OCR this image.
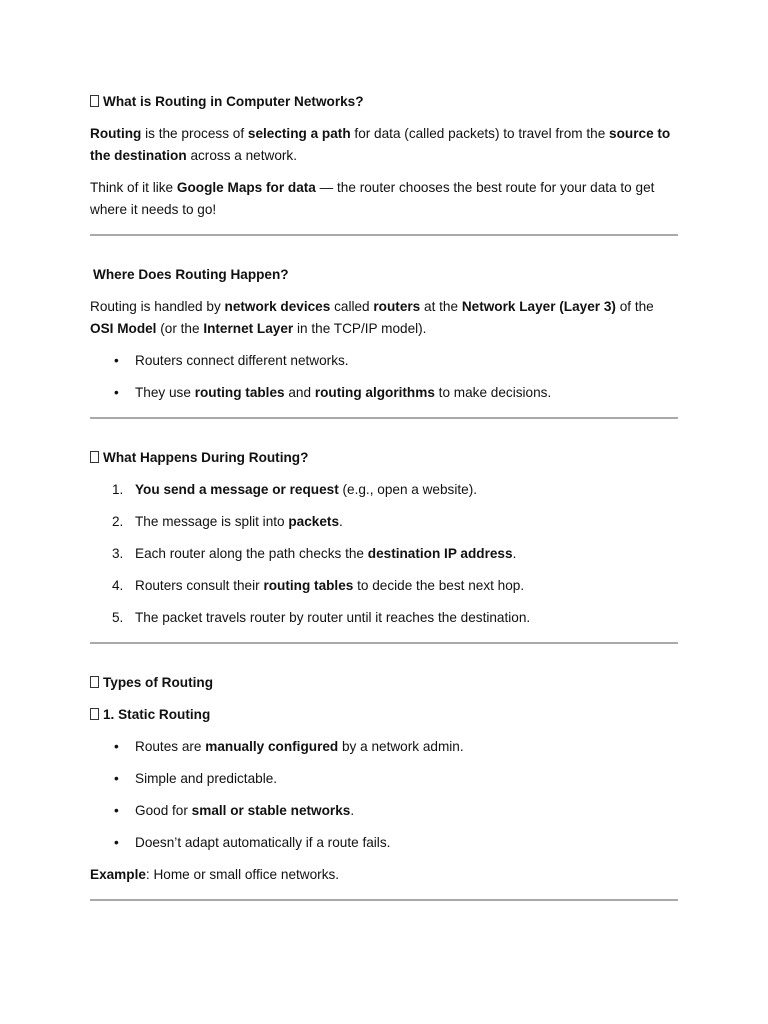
What is Routing in Computer Networks?

Routing is the process of selecting a path for data (called packets) to travel from the source to the destination across a network.

Think of it like Google Maps for data — the router chooses the best route for your data to get where it needs to go!

Where Does Routing Happen?

Routing is handled by network devices called routers at the Network Layer (Layer 3) of the OSI Model (or the Internet Layer in the TCP/IP model).

• Routers connect different networks.
• They use routing tables and routing algorithms to make decisions.
What Happens During Routing?
1. You send a message or request (e.g., open a website).
2. The message is split into packets.
3. Each router along the path checks the destination IP address.
4. Routers consult their routing tables to decide the best next hop.
5. The packet travels router by router until it reaches the destination.
Types of Routing
1. Static Routing
• Routes are manually configured by a network admin.
• Simple and predictable.
• Good for small or stable networks.
• Doesn’t adapt automatically if a route fails.

Example: Home or small office networks.
